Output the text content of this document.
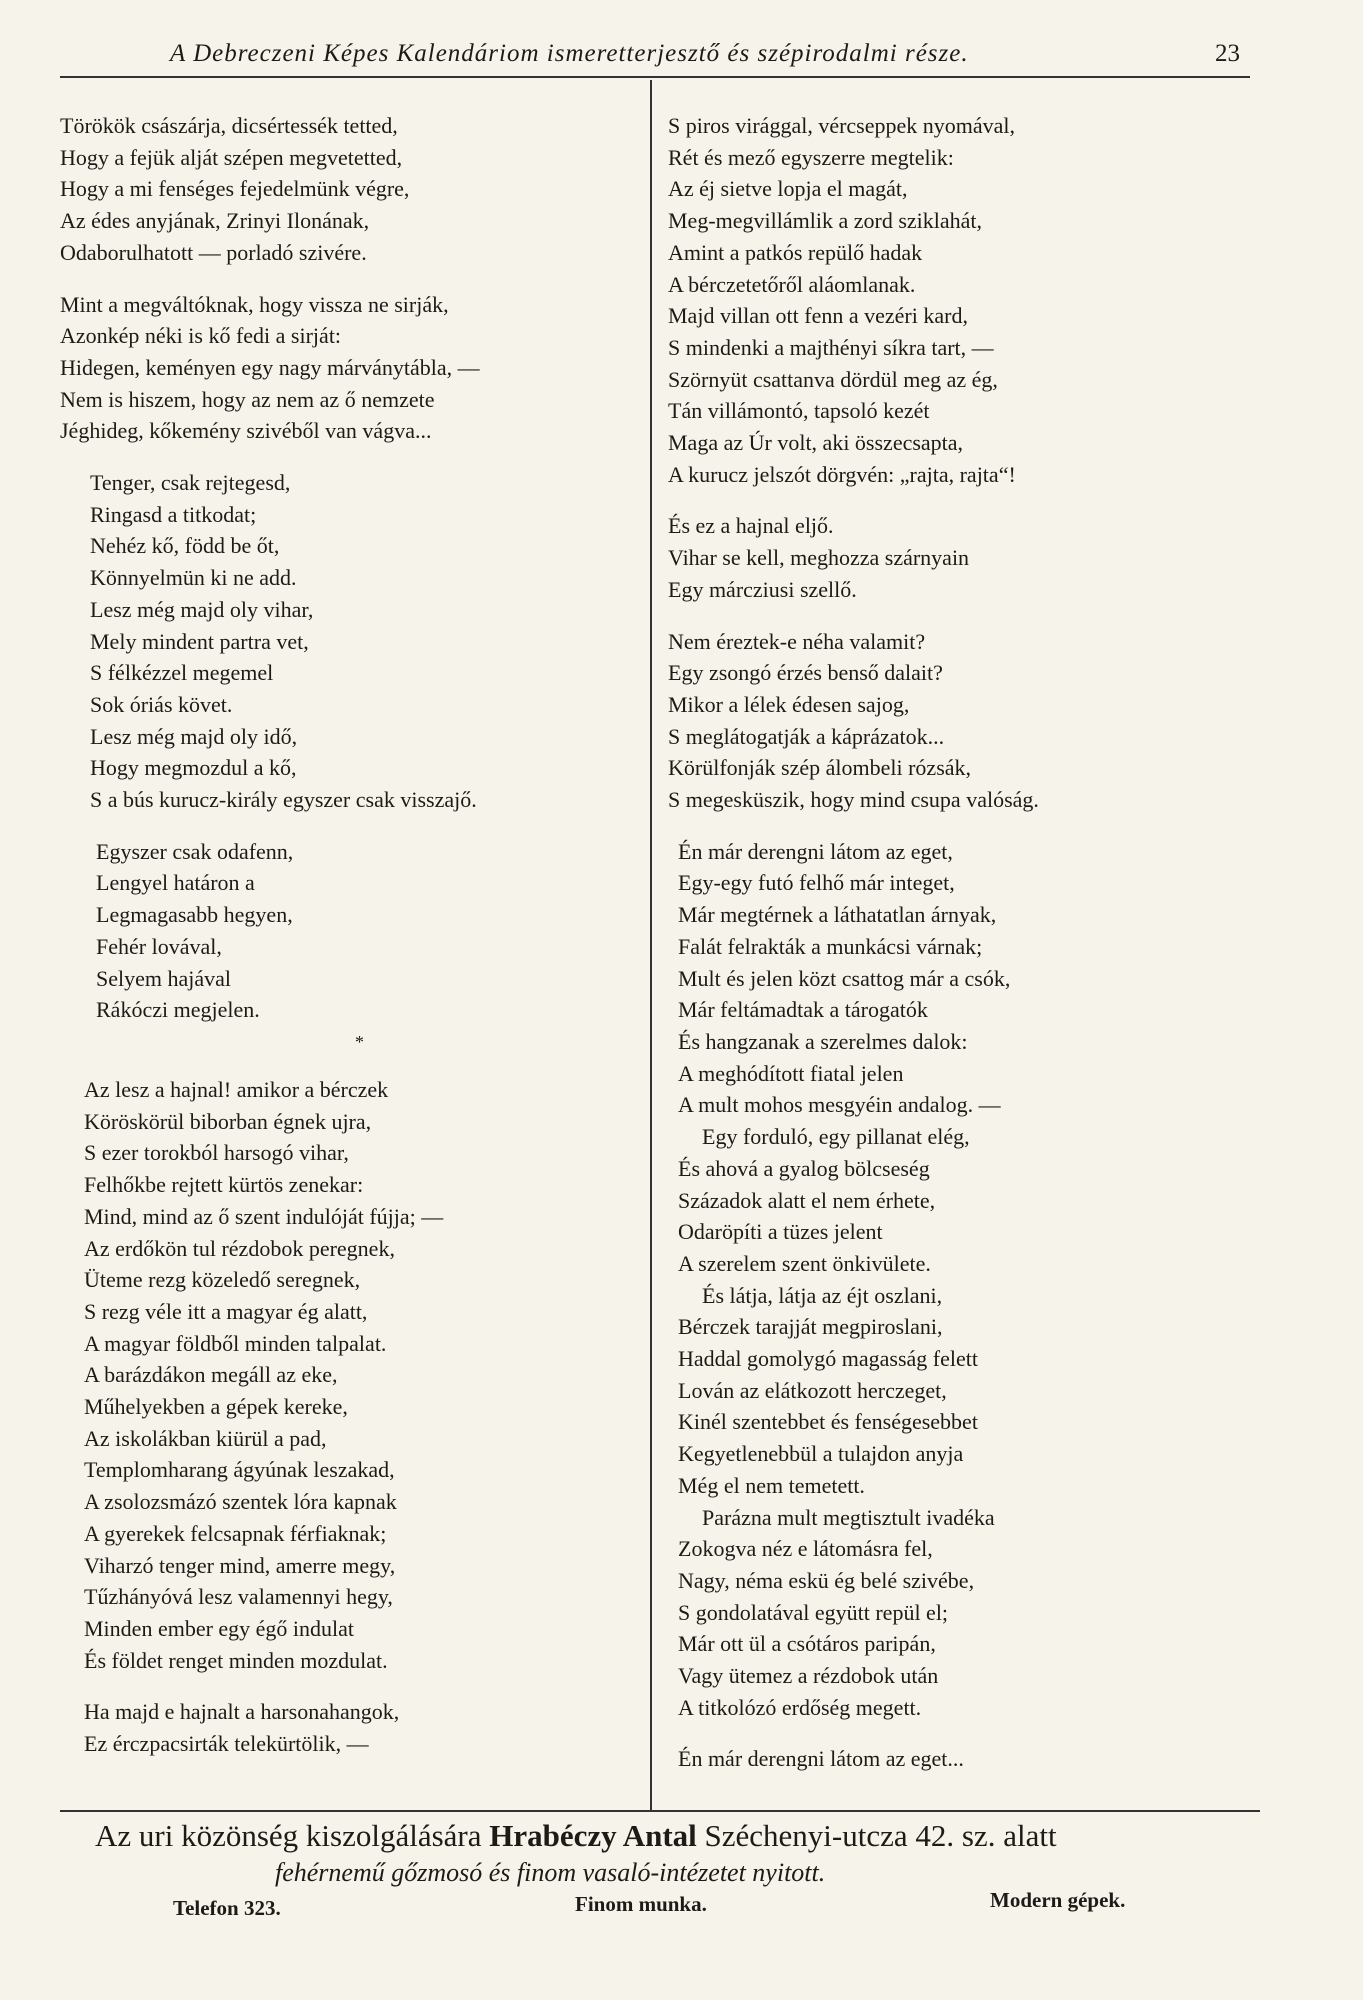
A Debreczeni Képes Kalendáriom ismeretterjesztő és szépirodalmi része.	23
Törökök császárja, dicsértessék tetted,
Hogy a fejük alját szépen megvetetted,
Hogy a mi fenséges fejedelmünk végre,
Az édes anyjának, Zrinyi Ilonának,
Odaborulhatott — porladó szivére.
Mint a megváltóknak, hogy vissza ne sirják,
Azonkép néki is kő fedi a sirját:
Hidegen, keményen egy nagy márványtábla, —
Nem is hiszem, hogy az nem az ő nemzete
Jéghideg, kőkemény szivéből van vágva...
Tenger, csak rejtegesd,
Ringasd a titkodat;
Nehéz kő, född be őt,
Könnyelmün ki ne add.
Lesz még majd oly vihar,
Mely mindent partra vet,
S félkézzel megemel
Sok óriás követ.
Lesz még majd oly idő,
Hogy megmozdul a kő,
S a bús kurucz-király egyszer csak visszajő.
Egyszer csak odafenn,
Lengyel határon a
Legmagasabb hegyen,
Fehér lovával,
Selyem hajával
Rákóczi megjelen.
*
Az lesz a hajnal! amikor a bérczek
Köröskörül biborban égnek ujra,
S ezer torokból harsogó vihar,
Felhőkbe rejtett kürtös zenekar:
Mind, mind az ő szent indulóját fújja; —
Az erdőkön tul rézdobok peregnek,
Üteme rezg közeledő seregnek,
S rezg véle itt a magyar ég alatt,
A magyar földből minden talpalat.
A barázdákon megáll az eke,
Műhelyekben a gépek kereke,
Az iskolákban kiürül a pad,
Templomharang ágyúnak leszakad,
A zsolozsmázó szentek lóra kapnak
A gyerekek felcsapnak férfiaknak;
Viharzó tenger mind, amerre megy,
Tűzhányóvá lesz valamennyi hegy,
Minden ember egy égő indulat
És földet renget minden mozdulat.
Ha majd e hajnalt a harsonahangok,
Ez érczpacsirták telekürtölik, —
S piros virággal, vércseppek nyomával,
Rét és mező egyszerre megtelik:
Az éj sietve lopja el magát,
Meg-megvillámlik a zord sziklahát,
Amint a patkós repülő hadak
A bérczetetőről aláomlanak.
Majd villan ott fenn a vezéri kard,
S mindenki a majthényi síkra tart, —
Szörnyüt csattanva dördül meg az ég,
Tán villámontó, tapsoló kezét
Maga az Úr volt, aki összecsapta,
A kurucz jelszót dörgvén: „rajta, rajta“!
És ez a hajnal eljő.
Vihar se kell, meghozza szárnyain
Egy márcziusi szellő.
Nem éreztek-e néha valamit?
Egy zsongó érzés benső dalait?
Mikor a lélek édesen sajog,
S meglátogatják a káprázatok...
Körülfonják szép álombeli rózsák,
S megesküszik, hogy mind csupa valóság.
Én már derengni látom az eget,
Egy-egy futó felhő már integet,
Már megtérnek a láthatatlan árnyak,
Falát felrakták a munkácsi várnak;
Mult és jelen közt csattog már a csók,
Már feltámadtak a tárogatók
És hangzanak a szerelmes dalok:
A meghódított fiatal jelen
A mult mohos mesgyéin andalog. —
Egy forduló, egy pillanat elég,
És ahová a gyalog bölcseség
Századok alatt el nem érhete,
Odaröpíti a tüzes jelent
A szerelem szent önkivülete.
És látja, látja az éjt oszlani,
Bérczek tarajját megpiroslani,
Haddal gomolygó magasság felett
Lován az elátkozott herczeget,
Kinél szentebbet és fenségesebbet
Kegyetlenebbül a tulajdon anyja
Még el nem temetett.
Parázna mult megtisztult ivadéka
Zokogva néz e látomásra fel,
Nagy, néma eskü ég belé szivébe,
S gondolatával együtt repül el;
Már ott ül a csótáros paripán,
Vagy ütemez a rézdobok után
A titkolózó erdőség megett.
Én már derengni látom az eget...
Az uri közönség kiszolgálására Hrabéczy Antal Széchenyi-utcza 42. sz. alatt
fehérnemű gőzmosó és finom vasaló-intézetet nyitott.
Telefon 323.	Finom munka.	Modern gépek.
